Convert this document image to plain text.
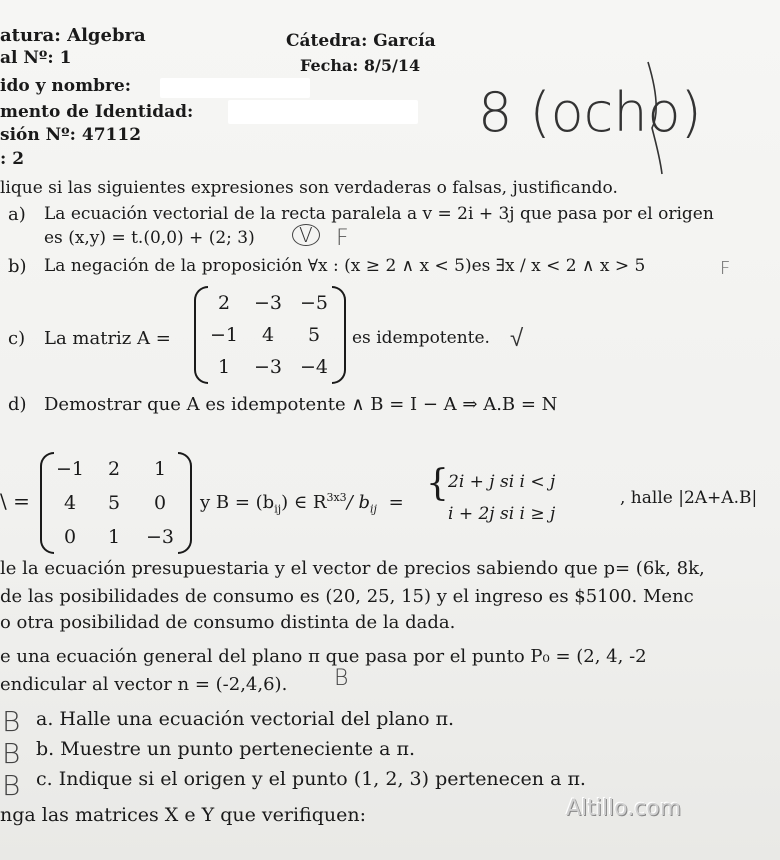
atura: Algebra	Cátedra: García
al Nº: 1	Fecha: 8/5/14
ido y nombre:
mento de Identidad:
sión Nº: 47112
: 2
8 (ocho)
lique si las siguientes expresiones son verdaderas o falsas, justificando.
a) La ecuación vectorial de la recta paralela a v = 2i + 3j que pasa por el origen
es (x,y) = t.(0,0) + (2; 3)	V	F
b) La negación de la proposición ∀x : (x ≥ 2 ∧ x < 5)es ∃x / x < 2 ∧ x > 5	F
c) La matriz A =
2	−3 −5
−1	4	5
1	−3 −4
es idempotente. √
d) Demostrar que A es idempotente ∧ B = I − A ⇒ A.B = N
\ =
−1	2	1
4	5	0
0	1	−3
y $B = (b_{ij})$ ∈ $R^{3x3}/$ $b_{ij}$ = { 2i + j si i < j
i + 2j si i ≥ j
, halle |2A+A.B|
le la ecuación presupuestaria y el vector de precios sabiendo que p= (6k, 8k,
de las posibilidades de consumo es (20, 25, 15) y el ingreso es $5100. Menc
o otra posibilidad de consumo distinta de la dada.
e una ecuación general del plano π que pasa por el punto P₀ = (2, 4, -2
endicular al vector n = (-2,4,6). B
B a. Halle una ecuación vectorial del plano π.
B b. Muestre un punto perteneciente a π.
B c. Indique si el origen y el punto (1, 2, 3) pertenecen a π.
nga las matrices X e Y que verifiquen:	Altillo.com
